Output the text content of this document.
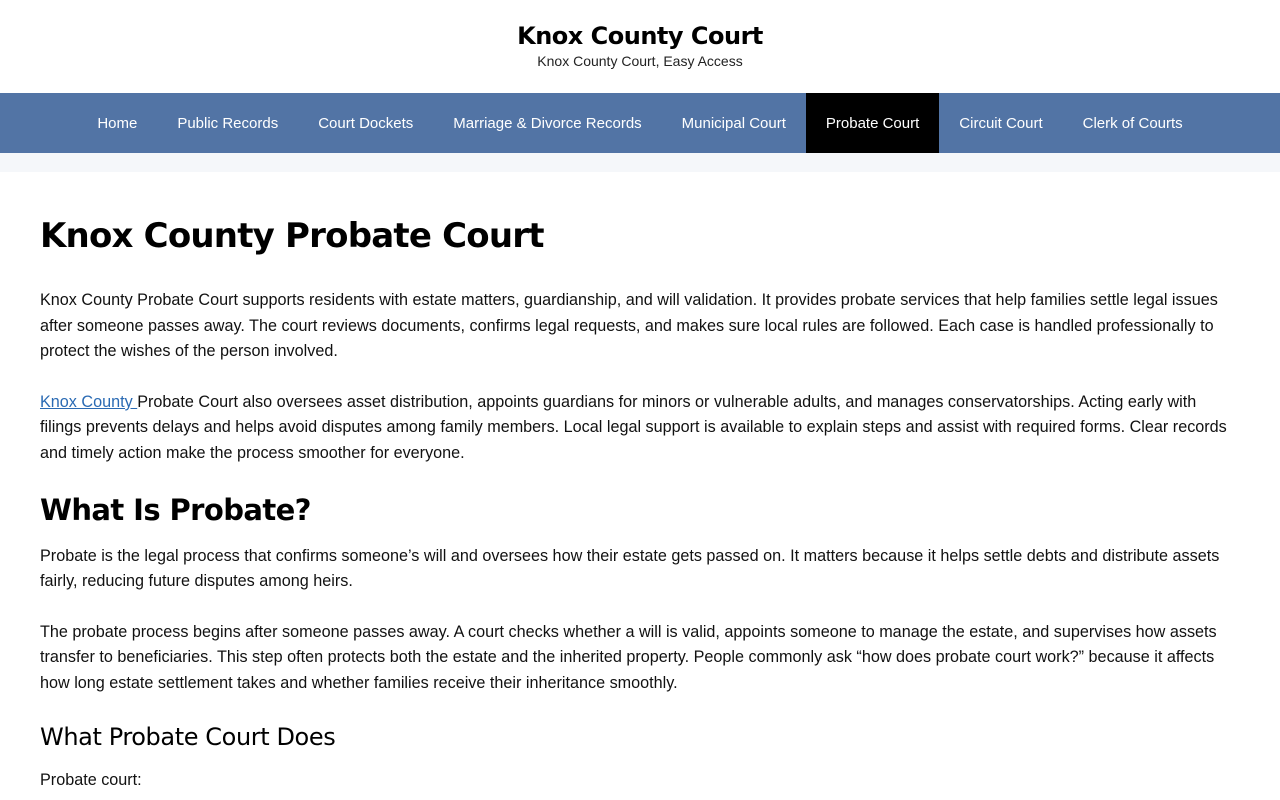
Knox County Court
Knox County Court, Easy Access
Home	Public Records	Court Dockets	Marriage & Divorce Records	Municipal Court	Probate Court	Circuit Court	Clerk of Courts
Knox County Probate Court

Knox County Probate Court supports residents with estate matters, guardianship, and will validation. It provides probate services that help families settle legal issues after someone passes away. The court reviews documents, confirms legal requests, and makes sure local rules are followed. Each case is handled professionally to protect the wishes of the person involved.

Knox County Probate Court also oversees asset distribution, appoints guardians for minors or vulnerable adults, and manages conservatorships. Acting early with filings prevents delays and helps avoid disputes among family members. Local legal support is available to explain steps and assist with required forms. Clear records and timely action make the process smoother for everyone.

What Is Probate?

Probate is the legal process that confirms someone’s will and oversees how their estate gets passed on. It matters because it helps settle debts and distribute assets fairly, reducing future disputes among heirs.

The probate process begins after someone passes away. A court checks whether a will is valid, appoints someone to manage the estate, and supervises how assets transfer to beneficiaries. This step often protects both the estate and the inherited property. People commonly ask “how does probate court work?” because it affects how long estate settlement takes and whether families receive their inheritance smoothly.

What Probate Court Does

Probate court:
